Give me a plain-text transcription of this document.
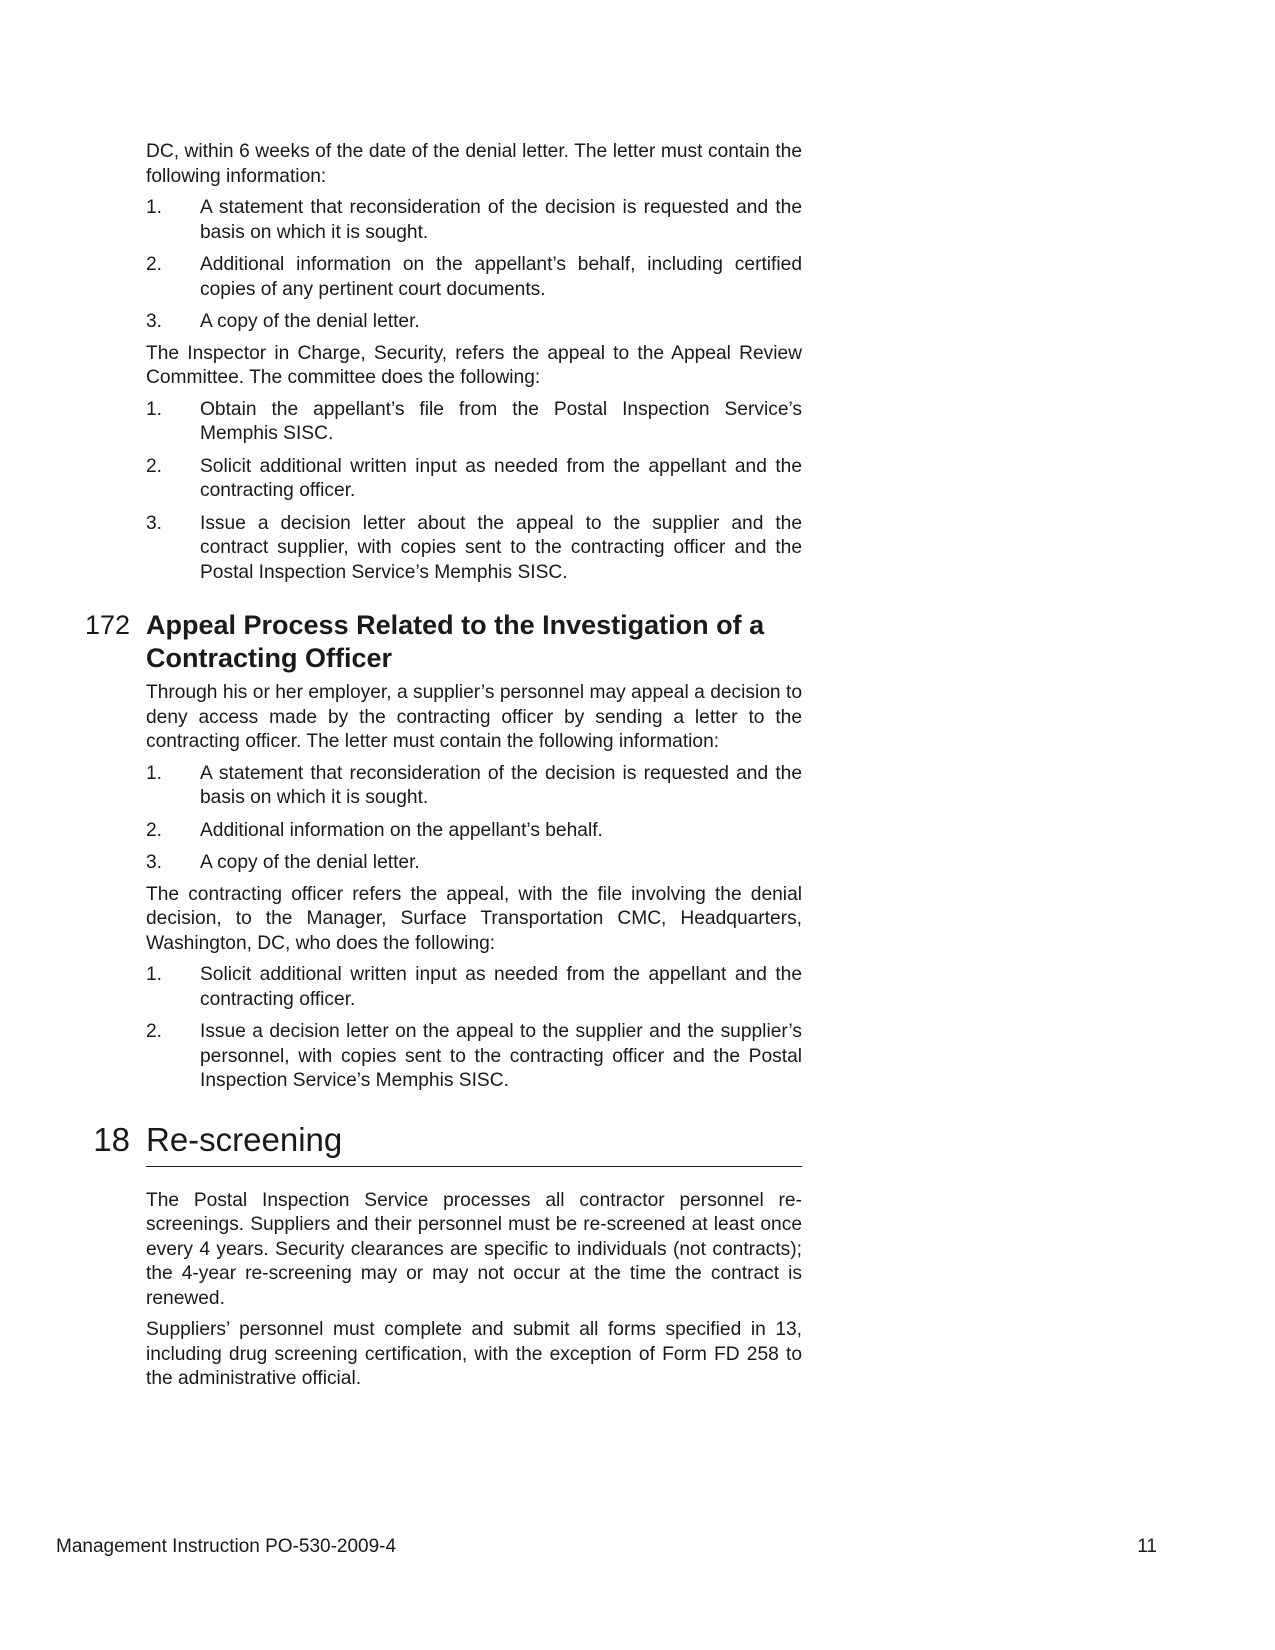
DC, within 6 weeks of the date of the denial letter. The letter must contain the following information:

1. A statement that reconsideration of the decision is requested and the basis on which it is sought.
2. Additional information on the appellant’s behalf, including certified copies of any pertinent court documents.
3. A copy of the denial letter.

The Inspector in Charge, Security, refers the appeal to the Appeal Review Committee. The committee does the following:

1. Obtain the appellant’s file from the Postal Inspection Service’s Memphis SISC.
2. Solicit additional written input as needed from the appellant and the contracting officer.
3. Issue a decision letter about the appeal to the supplier and the contract supplier, with copies sent to the contracting officer and the Postal Inspection Service’s Memphis SISC.
172 Appeal Process Related to the Investigation of a Contracting Officer

Through his or her employer, a supplier’s personnel may appeal a decision to deny access made by the contracting officer by sending a letter to the contracting officer. The letter must contain the following information:

1. A statement that reconsideration of the decision is requested and the basis on which it is sought.
2. Additional information on the appellant’s behalf.
3. A copy of the denial letter.

The contracting officer refers the appeal, with the file involving the denial decision, to the Manager, Surface Transportation CMC, Headquarters, Washington, DC, who does the following:

1. Solicit additional written input as needed from the appellant and the contracting officer.
2. Issue a decision letter on the appeal to the supplier and the supplier’s personnel, with copies sent to the contracting officer and the Postal Inspection Service’s Memphis SISC.
18 Re-screening

The Postal Inspection Service processes all contractor personnel re-screenings. Suppliers and their personnel must be re-screened at least once every 4 years. Security clearances are specific to individuals (not contracts); the 4-year re-screening may or may not occur at the time the contract is renewed.

Suppliers’ personnel must complete and submit all forms specified in 13, including drug screening certification, with the exception of Form FD 258 to the administrative official.

Management Instruction PO-530-2009-4	11
